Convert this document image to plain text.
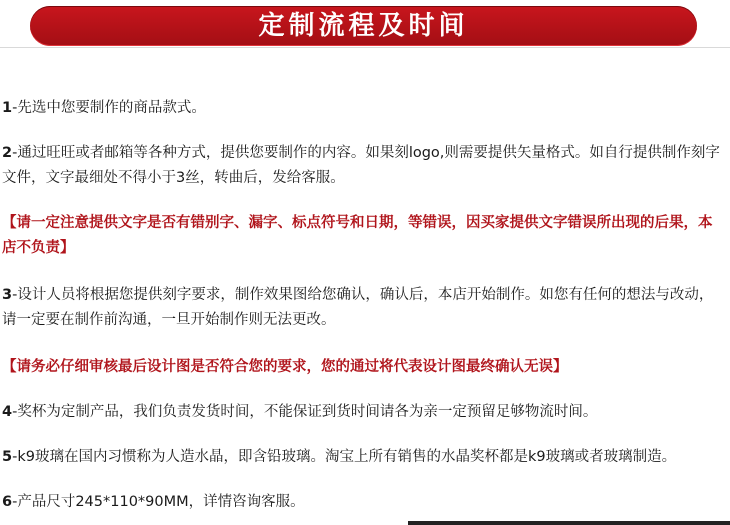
定制流程及时间

1-先选中您要制作的商品款式。

2-通过旺旺或者邮箱等各种方式，提供您要制作的内容。如果刻logo,则需要提供矢量格式。如自行提供制作刻字文件，文字最细处不得小于3丝，转曲后，发给客服。

【请一定注意提供文字是否有错别字、漏字、标点符号和日期，等错误，因买家提供文字错误所出现的后果，本店不负责】

3-设计人员将根据您提供刻字要求，制作效果图给您确认，确认后，本店开始制作。如您有任何的想法与改动，请一定要在制作前沟通，一旦开始制作则无法更改。

【请务必仔细审核最后设计图是否符合您的要求，您的通过将代表设计图最终确认无误】

4-奖杯为定制产品，我们负责发货时间，不能保证到货时间请各为亲一定预留足够物流时间。

5-k9玻璃在国内习惯称为人造水晶，即含铅玻璃。淘宝上所有销售的水晶奖杯都是k9玻璃或者玻璃制造。

6-产品尺寸245*110*90MM，详情咨询客服。
